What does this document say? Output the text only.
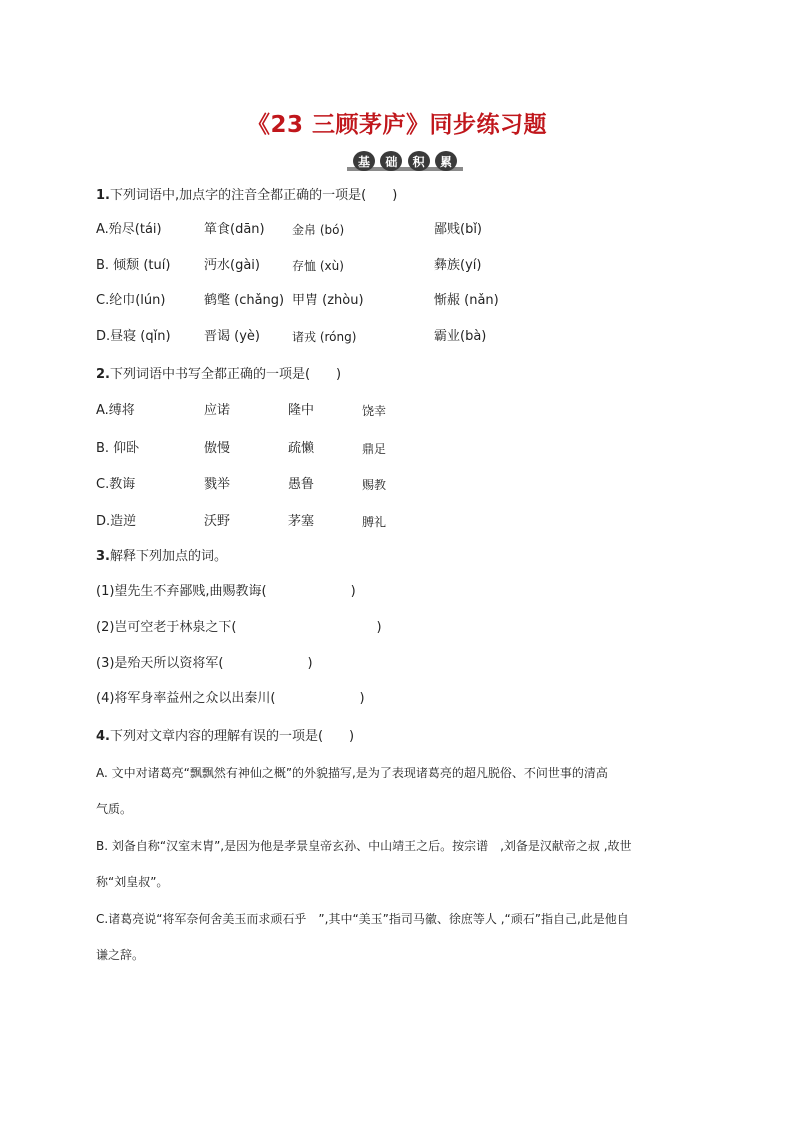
《23 三顾茅庐》同步练习题
基	础	积	累
1.下列词语中,加点字的注音全都正确的一项是(　　)
A.殆尽(tái)	箪食(dān) 金帛 (bó)	鄙贱(bǐ)
B. 倾颓 (tuí)	沔水(gài)	存恤 (xù)	彝族(yí)
C.纶巾(lún)	鹤氅 (chǎng) 甲胄 (zhòu)	惭赧 (nǎn)
D.昼寝 (qǐn)	晋谒 (yè)	诸戎 (róng)	霸业(bà)
2.下列词语中书写全都正确的一项是(　　)
A.缚将	应诺	隆中	饶幸
B. 仰卧	傲慢	疏懒	鼎足
C.教诲	戮举	愚鲁	赐教
D.造逆	沃野	茅塞	膊礼
3.解释下列加点的词。
(1)望先生不弃鄙贱,曲赐教诲(	)
(2)岂可空老于林泉之下(	)
(3)是殆天所以资将军(	)
(4)将军身率益州之众以出秦川(	)
4.下列对文章内容的理解有误的一项是(　　)
A. 文中对诸葛亮“飘飘然有神仙之概”的外貌描写,是为了表现诸葛亮的超凡脱俗、不问世事的清高
气质。
B. 刘备自称“汉室末胄”,是因为他是孝景皇帝玄孙、中山靖王之后。按宗谱　,刘备是汉献帝之叔 ,故世
称“刘皇叔”。
C.诸葛亮说“将军奈何舍美玉而求顽石乎　”,其中“美玉”指司马徽、徐庶等人 ,“顽石”指自己,此是他自
谦之辞。
